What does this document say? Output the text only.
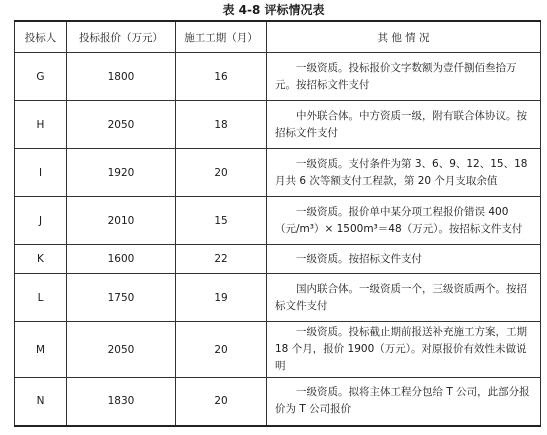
表 4-8 评标情况表
投标人	投标报价（万元）	施工工期（月）	其 他 情 况
G	1800	16	一级资质。投标报价文字数额为壹仟捌佰叁拾万元。按招标文件支付

H	2050	18	中外联合体。中方资质一级，附有联合体协议。按招标文件支付

I	1920	20	一级资质。支付条件为第 3、6、9、12、15、18月共 6 次等额支付工程款，第 20 个月支取余值

J	2010	15	一级资质。报价单中某分项工程报价错误 400（元/m³）× 1500m³＝48（万元）。按招标文件支付

K	1600	22	一级资质。按招标文件支付

L	1750	19	国内联合体。一级资质一个，三级资质两个。按招标文件支付

M	2050	20	一级资质。投标截止期前报送补充施工方案，工期 18 个月，报价 1900（万元）。对原报价有效性未做说明

N	1830	20	一级资质。拟将主体工程分包给 T 公司，此部分报价为 T 公司报价
